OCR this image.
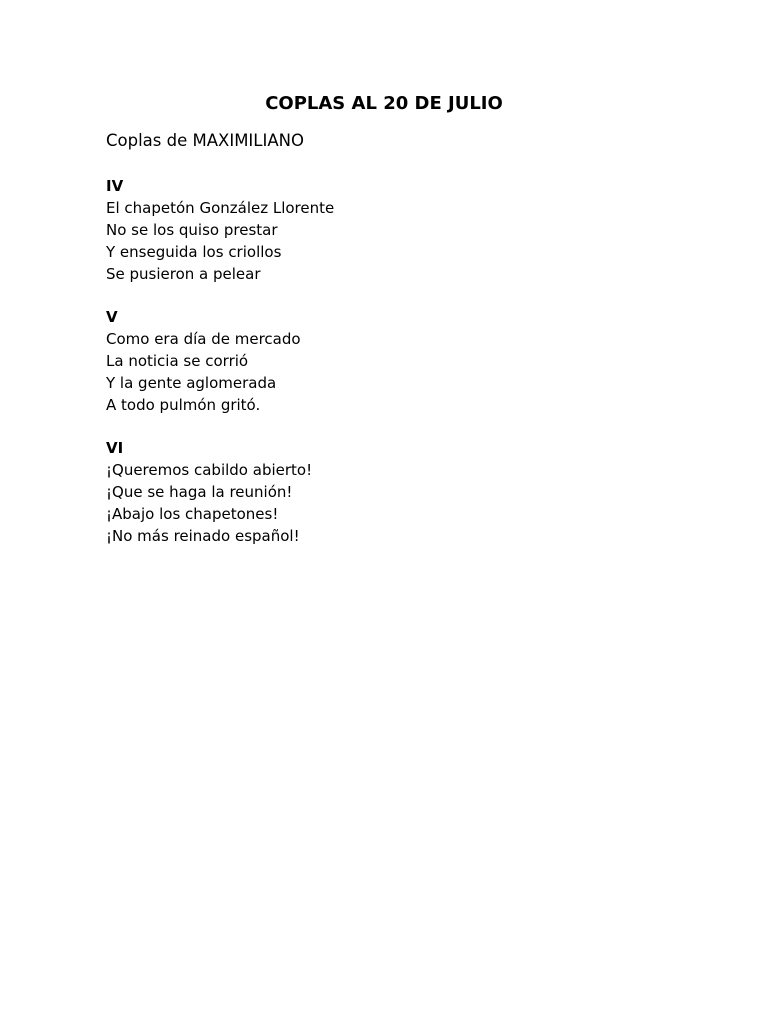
COPLAS AL 20 DE JULIO
Coplas de MAXIMILIANO
IV
El chapetón González Llorente
No se los quiso prestar
Y enseguida los criollos
Se pusieron a pelear
V
Como era día de mercado
La noticia se corrió
Y la gente aglomerada
A todo pulmón gritó.
VI
¡Queremos cabildo abierto!
¡Que se haga la reunión!
¡Abajo los chapetones!
¡No más reinado español!
